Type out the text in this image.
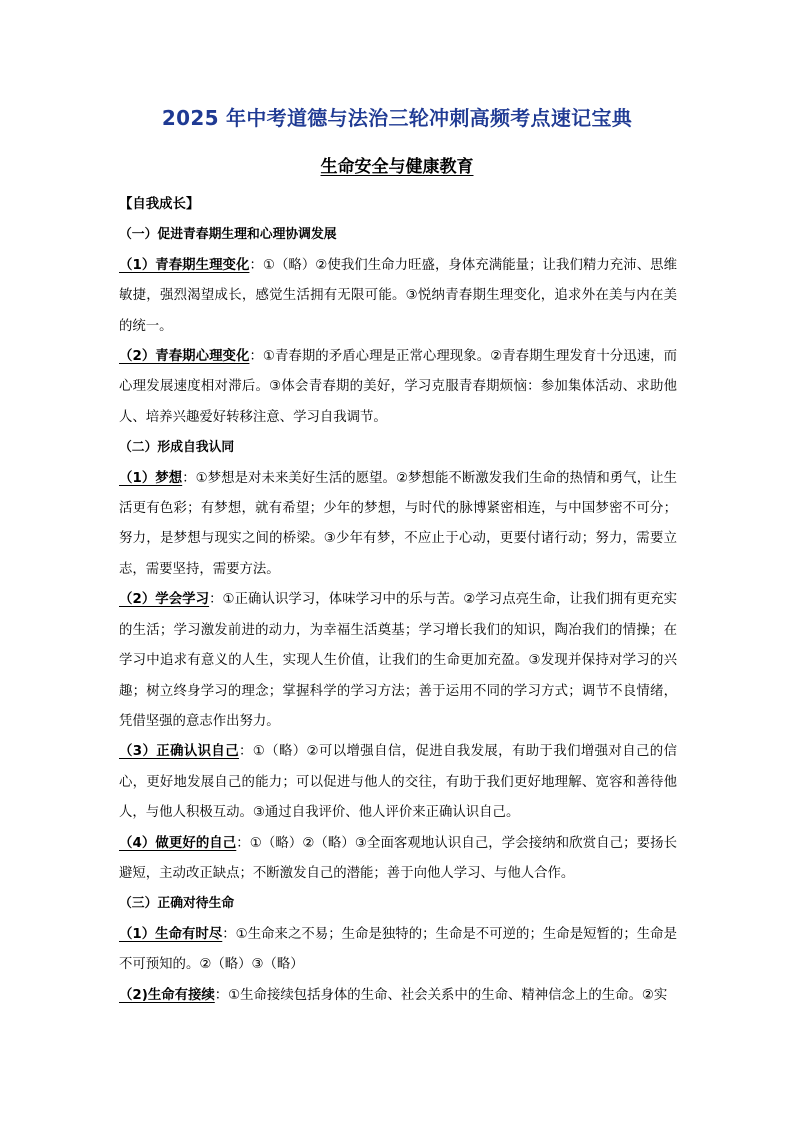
2025 年中考道德与法治三轮冲刺高频考点速记宝典
生命安全与健康教育

【自我成长】

（一）促进青春期生理和心理协调发展

（1）青春期生理变化：①（略）②使我们生命力旺盛，身体充满能量；让我们精力充沛、思维敏捷，强烈渴望成长，感觉生活拥有无限可能。③悦纳青春期生理变化，追求外在美与内在美的统一。

（2）青春期心理变化：①青春期的矛盾心理是正常心理现象。②青春期生理发育十分迅速，而心理发展速度相对滞后。③体会青春期的美好，学习克服青春期烦恼：参加集体活动、求助他人、培养兴趣爱好转移注意、学习自我调节。

（二）形成自我认同

（1）梦想：①梦想是对未来美好生活的愿望。②梦想能不断激发我们生命的热情和勇气，让生活更有色彩；有梦想，就有希望；少年的梦想，与时代的脉博紧密相连，与中国梦密不可分；努力，是梦想与现实之间的桥梁。③少年有梦，不应止于心动，更要付诸行动；努力，需要立志，需要坚持，需要方法。

（2）学会学习：①正确认识学习，体味学习中的乐与苦。②学习点亮生命，让我们拥有更充实的生活；学习激发前进的动力，为幸福生活奠基；学习增长我们的知识，陶冶我们的情操；在学习中追求有意义的人生，实现人生价值，让我们的生命更加充盈。③发现并保持对学习的兴趣；树立终身学习的理念；掌握科学的学习方法；善于运用不同的学习方式；调节不良情绪，凭借坚强的意志作出努力。

（3）正确认识自己：①（略）②可以增强自信，促进自我发展，有助于我们增强对自己的信心，更好地发展自己的能力；可以促进与他人的交往，有助于我们更好地理解、宽容和善待他人，与他人积极互动。③通过自我评价、他人评价来正确认识自己。

（4）做更好的自己：①（略）②（略）③全面客观地认识自己，学会接纳和欣赏自己；要扬长避短，主动改正缺点；不断激发自己的潜能；善于向他人学习、与他人合作。

（三）正确对待生命

（1）生命有时尽：①生命来之不易；生命是独特的；生命是不可逆的；生命是短暂的；生命是不可预知的。②（略）③（略）

（2)生命有接续：①生命接续包括身体的生命、社会关系中的生命、精神信念上的生命。②实
